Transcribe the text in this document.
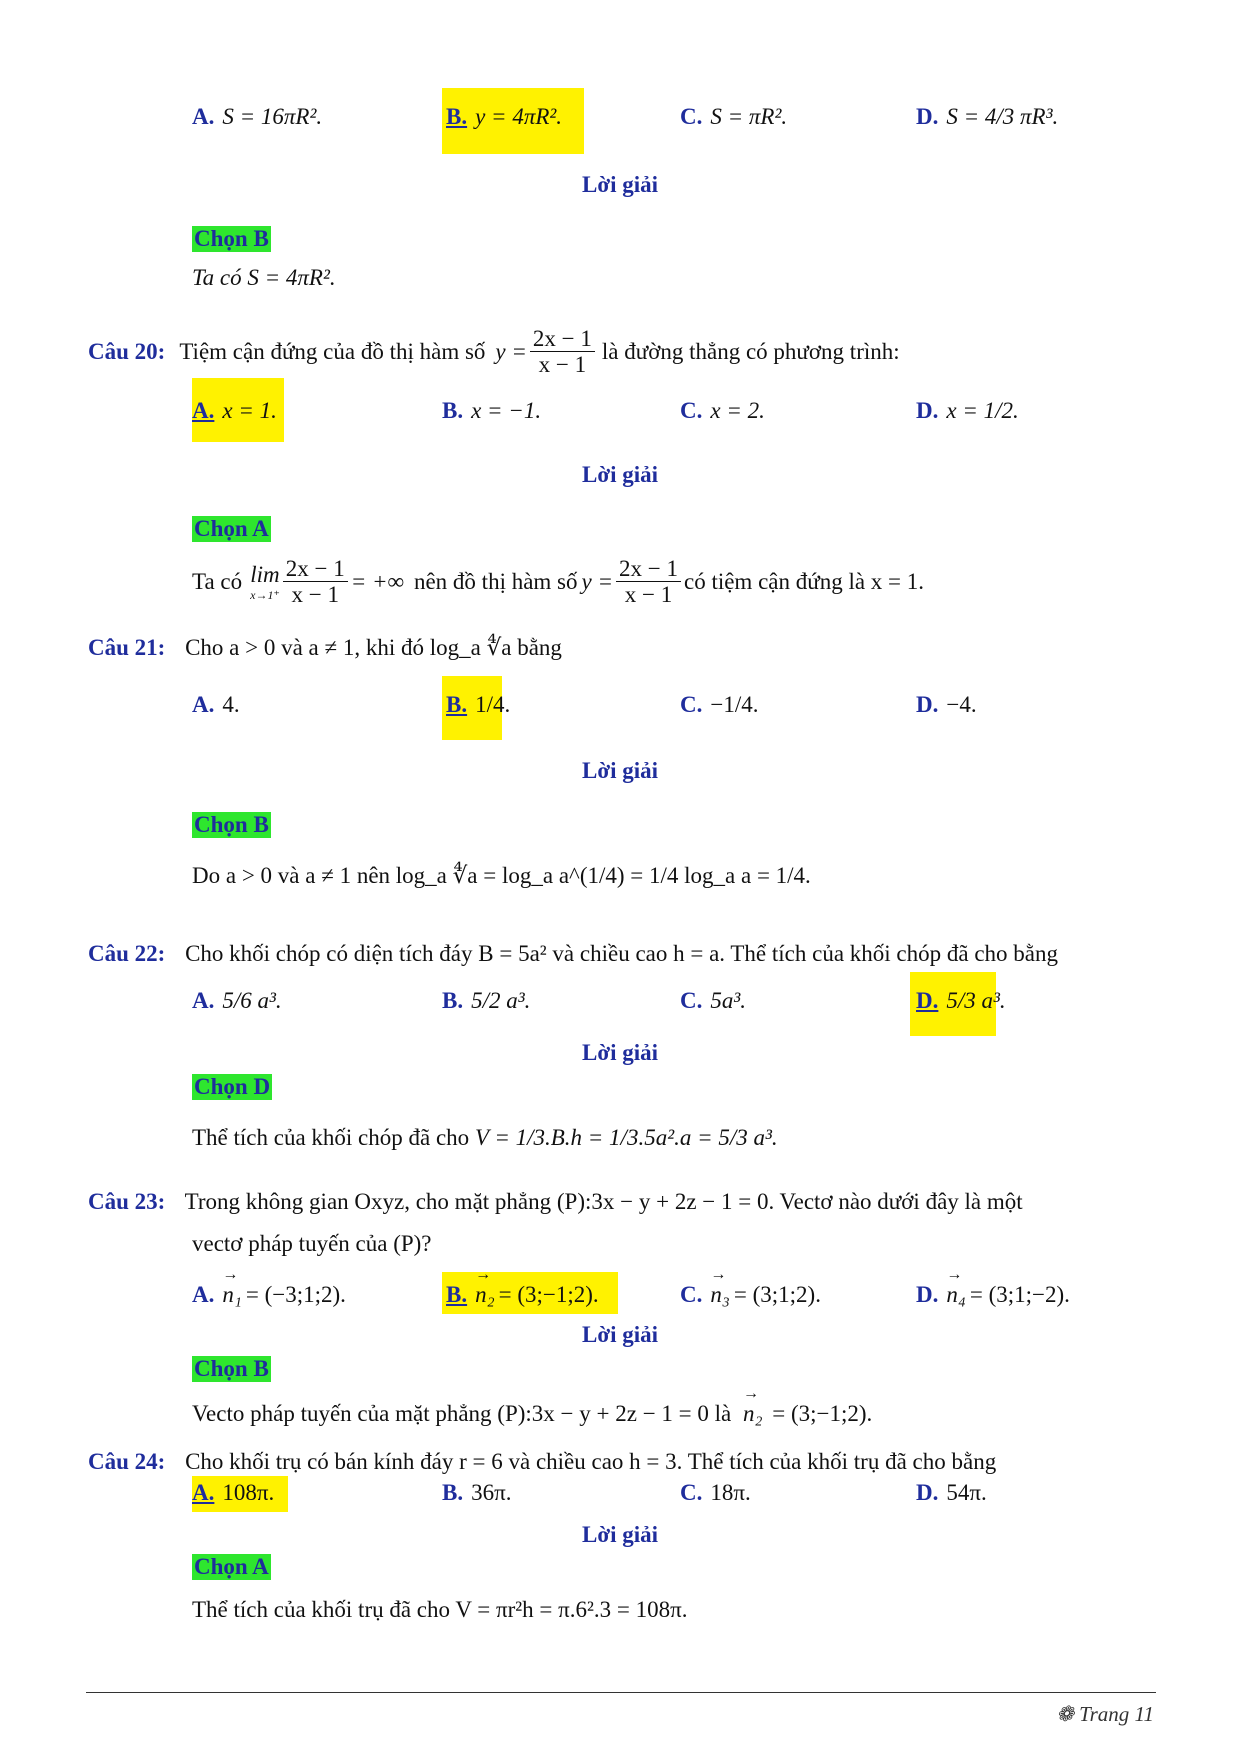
A. S = 16πR².	B. y = 4πR².	C. S = πR².	D. S = 4/3 πR³.
Lời giải
Chọn B
Ta có S = 4πR².
Câu 20: Tiệm cận đứng của đồ thị hàm số $y = \frac{2x - 1}{x - 1}$ là đường thẳng có phương trình:
A. x = 1.	B. x = −1.	C. x = 2.	D. x = 1/2.
Lời giải
Chọn A
Ta có lim
$x\to 1^+ \frac{2x - 1}{x - 1}$ = +∞ nên đồ thị hàm số $y = \frac{2x - 1}{x - 1}$ có tiệm cận đứng là x = 1.
Câu 21: Cho a > 0 và a ≠ 1, khi đó log_a ∜a bằng
A. 4.	B. 1/4.	C. −1/4.	D. −4.
Lời giải
Chọn B
Do a > 0 và a ≠ 1 nên log_a ∜a = log_a a^(1/4) = 1/4 log_a a = 1/4.
Câu 22: Cho khối chóp có diện tích đáy B = 5a² và chiều cao h = a. Thể tích của khối chóp đã cho bằng
A. 5/6 a³.	B. 5/2 a³.	C. 5a³.	D. 5/3 a³.
Lời giải
Chọn D
Thể tích của khối chóp đã cho V = 1/3.B.h = 1/3.5a².a = 5/3 a³.
Câu 23: Trong không gian Oxyz, cho mặt phẳng (P):3x − y + 2z − 1 = 0. Vectơ nào dưới đây là một
vectơ pháp tuyến của (P)?
A. → n₁ = (−3;1;2).	B. → n₂ = (3;−1;2).	C. → n₃ = (3;1;2).	D. → n₄ = (3;1;−2).
Lời giải
Chọn B
Vecto pháp tuyến của mặt phẳng (P):3x − y + 2z − 1 = 0 là → n₂ = (3;−1;2).
Câu 24: Cho khối trụ có bán kính đáy r = 6 và chiều cao h = 3. Thể tích của khối trụ đã cho bằng
A. 108π.	B. 36π.	C. 18π.	D. 54π.
Lời giải
Chọn A
Thể tích của khối trụ đã cho V = πr²h = π.6².3 = 108π.
❁ Trang 11
